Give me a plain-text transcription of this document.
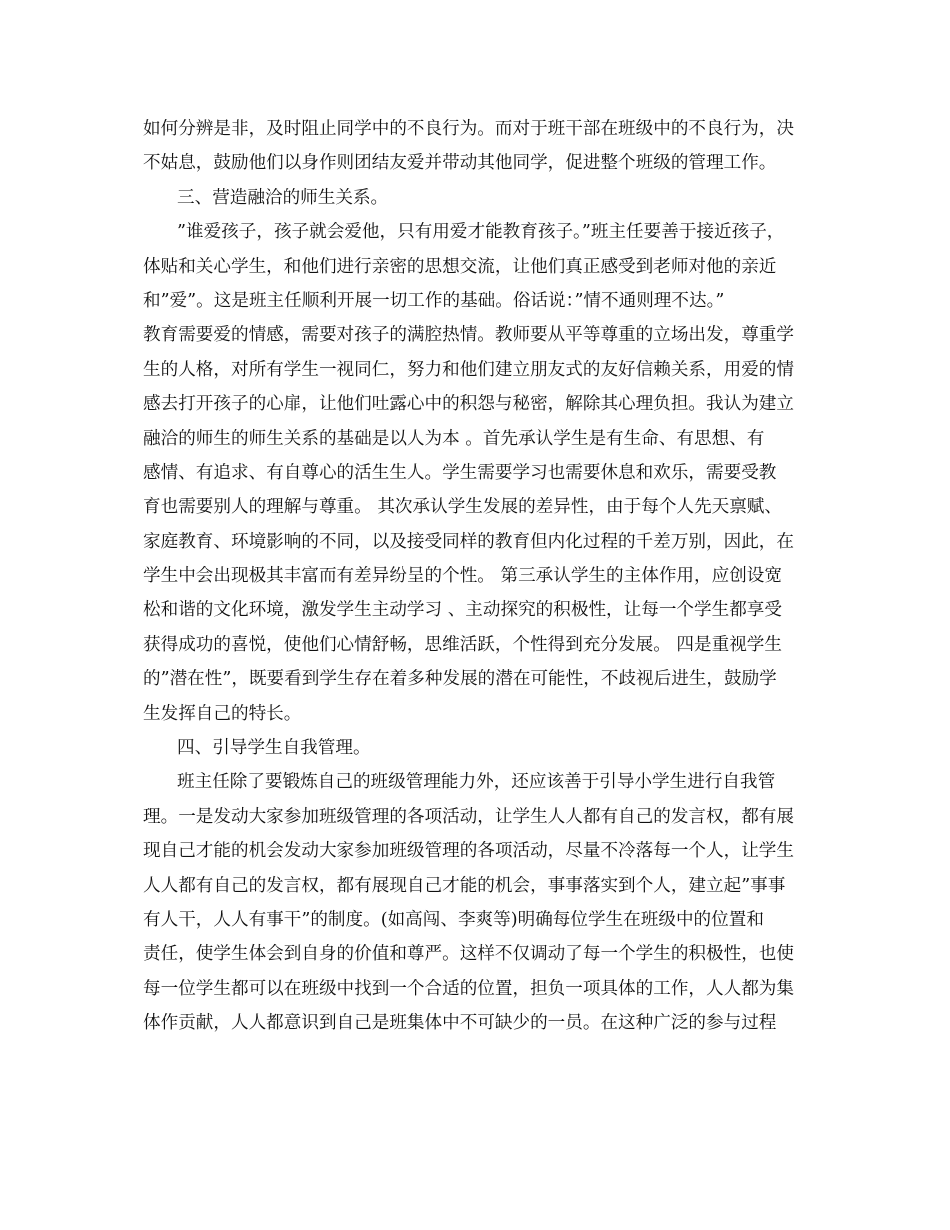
如何分辨是非，及时阻止同学中的不良行为。而对于班干部在班级中的不良行为，决
不姑息，鼓励他们以身作则团结友爱并带动其他同学，促进整个班级的管理工作。
三、营造融洽的师生关系。
”谁爱孩子，孩子就会爱他，只有用爱才能教育孩子。”班主任要善于接近孩子，
体贴和关心学生，和他们进行亲密的思想交流，让他们真正感受到老师对他的亲近
和”爱”。这是班主任顺利开展一切工作的基础。俗话说：”情不通则理不达。”
教育需要爱的情感，需要对孩子的满腔热情。教师要从平等尊重的立场出发，尊重学
生的人格，对所有学生一视同仁，努力和他们建立朋友式的友好信赖关系，用爱的情
感去打开孩子的心扉，让他们吐露心中的积怨与秘密，解除其心理负担。我认为建立
融洽的师生的师生关系的基础是以人为本 。首先承认学生是有生命、有思想、有
感情、有追求、有自尊心的活生生人。学生需要学习也需要休息和欢乐，需要受教
育也需要别人的理解与尊重。 其次承认学生发展的差异性，由于每个人先天禀赋、
家庭教育、环境影响的不同，以及接受同样的教育但内化过程的千差万别，因此，在
学生中会出现极其丰富而有差异纷呈的个性。 第三承认学生的主体作用，应创设宽
松和谐的文化环境，激发学生主动学习 、主动探究的积极性，让每一个学生都享受
获得成功的喜悦，使他们心情舒畅，思维活跃，个性得到充分发展。 四是重视学生
的”潜在性”，既要看到学生存在着多种发展的潜在可能性，不歧视后进生，鼓励学
生发挥自己的特长。
四、引导学生自我管理。
班主任除了要锻炼自己的班级管理能力外，还应该善于引导小学生进行自我管
理。一是发动大家参加班级管理的各项活动，让学生人人都有自己的发言权，都有展
现自己才能的机会发动大家参加班级管理的各项活动，尽量不冷落每一个人，让学生
人人都有自己的发言权，都有展现自己才能的机会，事事落实到个人，建立起”事事
有人干，人人有事干”的制度。(如高闯、李爽等)明确每位学生在班级中的位置和
责任，使学生体会到自身的价值和尊严。这样不仅调动了每一个学生的积极性，也使
每一位学生都可以在班级中找到一个合适的位置，担负一项具体的工作，人人都为集
体作贡献，人人都意识到自己是班集体中不可缺少的一员。在这种广泛的参与过程
